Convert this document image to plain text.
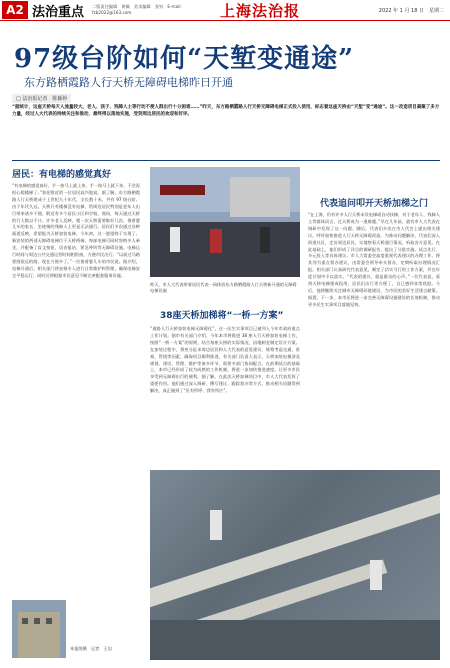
A2 法治重点 二版责任编辑　黄佩　美术编辑　张钊　E-mail：fzb2022@163.com	上海法治报	2022 年 1 月 18 日　星期二
97级台阶如何“天堑变通途”
东方路栖霞路人行天桥无障碍电梯昨日开通
□ 法治报记者　陈颖婷
“据统计，这座天桥每天人流量较大，老人、孩子、残障人士等行动不便人群出行十分困难……”昨天，东方路栖霞路人行天桥无障碍电梯正式投入使用，标志着这座天桥由“天堑”变“通途”。这一改造项目凝聚了多方力量，经过人大代表的持续关注和推动，最终得以落地实施，受到周边居民的欢迎和好评。
居民：有电梯的感觉真好
“有电梯的感觉真好，手一按马上就上来，手一按马上就下来，不会再担心爬楼梯了。”家住附近的一位居民高兴地说。据了解，东方路栖霞路人行天桥建成于上世纪九十年代，全长数十米，共有 97 级台阶。由于年代久远，天桥只有楼梯没有电梯，给周边居民特别是老年人出行带来诸多不便。附近有多个居民小区和学校、商场，每天通过天桥的行人数以千计。许多老人反映，爬一次天桥需要歇好几次，推着婴儿车的家长、坐轮椅的残障人士更是无法通行。居民们多次通过各种渠道反映，希望能为天桥加装电梯。今年初，这一愿望终于实现了。新安装的两部无障碍电梯位于天桥两端，每部电梯可同时容纳多人乘坐，并配备了盲文按钮、语音报站、紧急呼叫等无障碍设施。电梯运行时间与周边公共交通运营时间相衔接，方便市民出行。“以前过马路要绕很远的路，现在方便多了。”一位推着婴儿车的市民说。据介绍，电梯开通后，相关部门将安排专人进行日常维护和管理，确保电梯安全平稳运行，同时还将根据市民意见不断完善配套服务设施。
本报图摄　记者　王岩
昨天，市人大代表带着居民代表一同体验东方路栖霞路人行天桥新开通的无障碍电梯设施
38座天桥加梯将“一桥一方案”
“道路人行天桥加装电梯无障碍化”，这一民生实事项目已被列入今年市政府重点工作计划。据市有关部门介绍，今年本市将推进 38 座人行天桥加装电梯工作，按照“一桥一方案”的原则，结合每座天桥的实际情况，因地制宜制定设计方案。在加装过程中，将充分征求周边居民和人大代表的意见建议，统筹考虑交通、景观、管线等因素，确保项目顺利推进。有关部门负责人表示，天桥加装电梯涉及规划、建设、管理、维护等诸多环节，需要多部门协同配合。在前期试点的基础上，本市已经形成了较为成熟的工作机制，将进一步加快推进速度，让更多市民享受到无障碍出行的便利。据了解，在此次天桥加梯项目中，市人大代表发挥了重要作用。他们通过深入调研、撰写建议、跟踪督办等方式，推动相关问题得到解决，真正做到了“民有所呼、我有所应”。
代表追问叩开天桥加梯之门
“在上海，仍有许多人行天桥未设电梯或自动扶梯，对于老年人、残障人士等群体而言，过天桥成为一道难题。”早在几年前，就有市人大代表在调研中发现了这一问题。随后，代表们多次在市人代会上提出相关建议，呼吁加快推进人行天桥无障碍改造。为推动问题解决，代表们深入街道社区，走访周边居民，实地察看天桥通行情况，听取各方意见。在此基础上，他们形成了详尽的调研报告，提出了分批实施、试点先行、多元投入等具体建议。市人大常委会高度重视代表建议的办理工作，将其列为重点督办建议，由常委会领导牵头督办，定期听取办理情况汇报。相关部门认真研究代表意见，制定了切实可行的工作方案，并在年度计划中予以落实。“代表的建议，就是群众的心声。”一位代表说，看到天桥电梯建成投用，居民们出行更方便了，自己感到非常欣慰。今后，他将继续关注城市无障碍环境建设，为市民的美好生活建言献策。据悉，下一步，本市还将进一步完善无障碍设施建设的长效机制，推动更多民生实事项目落地见效。
